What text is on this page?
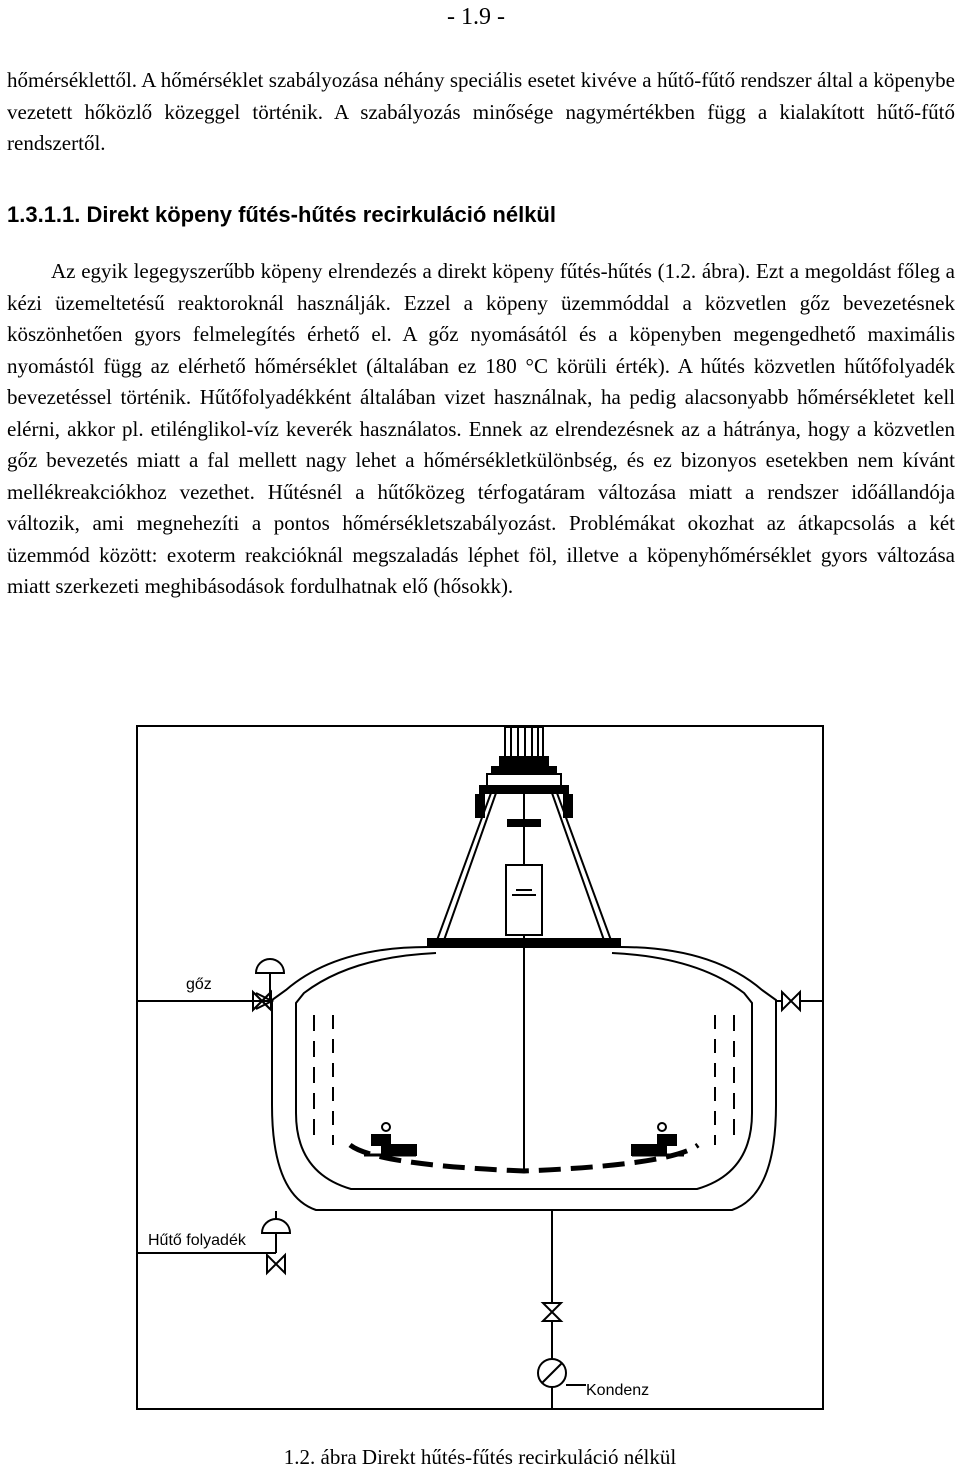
- 1.9 -

hőmérséklettől. A hőmérséklet szabályozása néhány speciális esetet kivéve a hűtő-fűtő rendszer által a köpenybe vezetett hőközlő közeggel történik. A szabályozás minősége nagymértékben függ a kialakított hűtő-fűtő rendszertől.

1.3.1.1. Direkt köpeny fűtés-hűtés recirkuláció nélkül

Az egyik legegyszerűbb köpeny elrendezés a direkt köpeny fűtés-hűtés (1.2. ábra). Ezt a megoldást főleg a kézi üzemeltetésű reaktoroknál használják. Ezzel a köpeny üzemmóddal a közvetlen gőz bevezetésnek köszönhetően gyors felmelegítés érhető el. A gőz nyomásától és a köpenyben megengedhető maximális nyomástól függ az elérhető hőmérséklet (általában ez 180 °C körüli érték). A hűtés közvetlen hűtőfolyadék bevezetéssel történik. Hűtőfolyadékként általában vizet használnak, ha pedig alacsonyabb hőmérsékletet kell elérni, akkor pl. etilénglikol-víz keverék használatos. Ennek az elrendezésnek az a hátránya, hogy a közvetlen gőz bevezetés miatt a fal mellett nagy lehet a hőmérsékletkülönbség, és ez bizonyos esetekben nem kívánt mellékreakciókhoz vezethet. Hűtésnél a hűtőközeg térfogatáram változása miatt a rendszer időállandója változik, ami megnehezíti a pontos hőmérsékletszabályozást. Problémákat okozhat az átkapcsolás a két üzemmód között: exoterm reakcióknál megszaladás léphet föl, illetve a köpenyhőmérséklet gyors változása miatt szerkezeti meghibásodások fordulhatnak elő (hősokk).

gőz
Hűtő folyadék
Kondenz
1.2. ábra Direkt hűtés-fűtés recirkuláció nélkül
